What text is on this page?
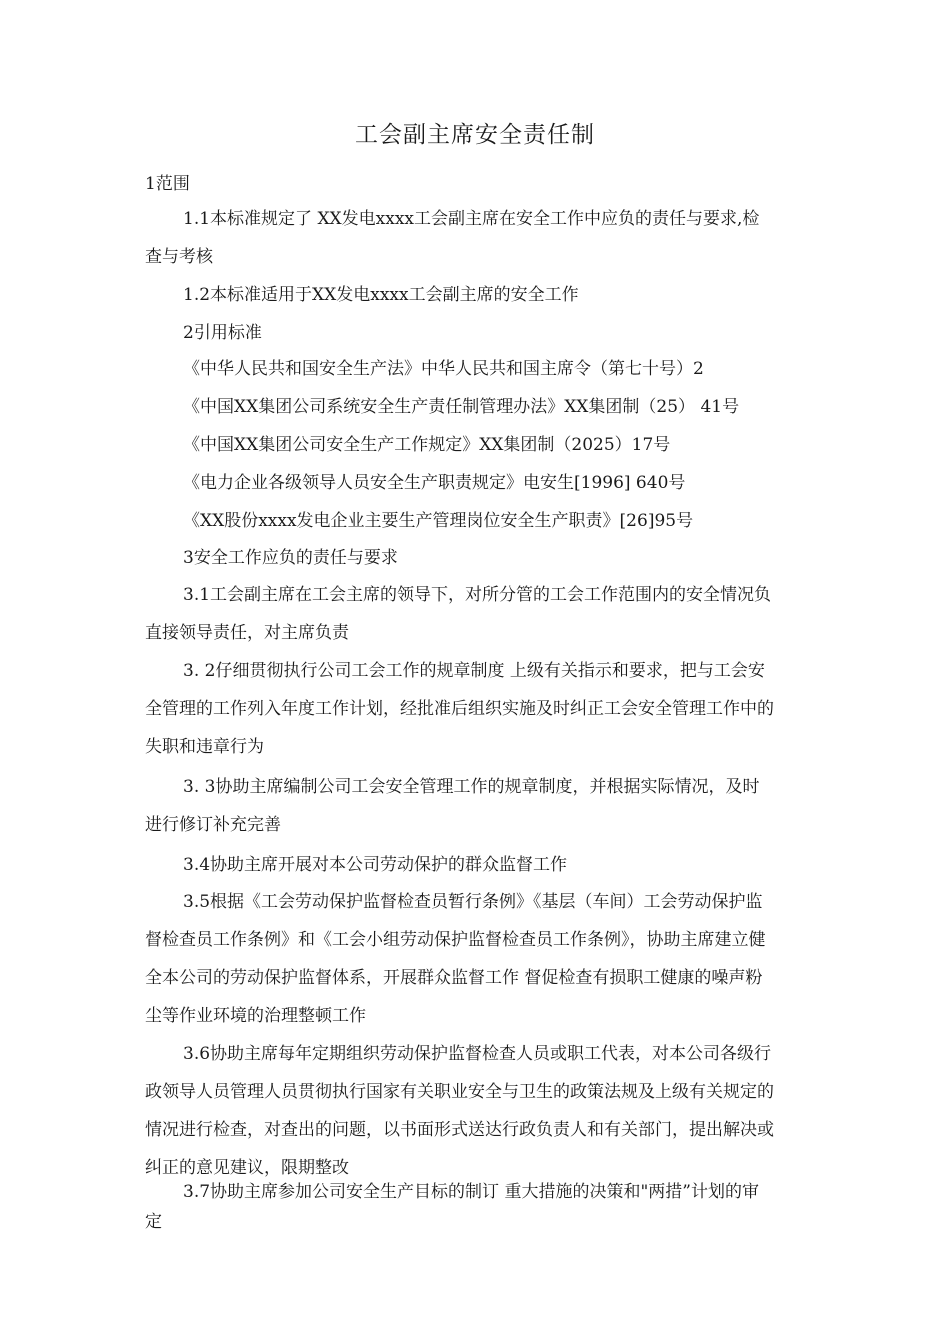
工会副主席安全责任制
1范围
1.1本标准规定了 XX发电xxxx工会副主席在安全工作中应负的责任与要求,检
查与考核
1.2本标准适用于XX发电xxxx工会副主席的安全工作
2引用标准
《中华人民共和国安全生产法》中华人民共和国主席令（第七十号）2
《中国XX集团公司系统安全生产责任制管理办法》XX集团制（25） 41号
《中国XX集团公司安全生产工作规定》XX集团制（2025）17号
《电力企业各级领导人员安全生产职责规定》电安生[1996] 640号
《XX股份xxxx发电企业主要生产管理岗位安全生产职责》[26]95号
3安全工作应负的责任与要求
3.1工会副主席在工会主席的领导下，对所分管的工会工作范围内的安全情况负
直接领导责任，对主席负责
3. 2仔细贯彻执行公司工会工作的规章制度 上级有关指示和要求，把与工会安
全管理的工作列入年度工作计划，经批准后组织实施及时纠正工会安全管理工作中的
失职和违章行为
3. 3协助主席编制公司工会安全管理工作的规章制度，并根据实际情况，及时
进行修订补充完善
3.4协助主席开展对本公司劳动保护的群众监督工作
3.5根据《工会劳动保护监督检查员暂行条例》《基层（车间）工会劳动保护监
督检查员工作条例》和《工会小组劳动保护监督检查员工作条例》，协助主席建立健
全本公司的劳动保护监督体系，开展群众监督工作 督促检查有损职工健康的噪声粉
尘等作业环境的治理整顿工作
3.6协助主席每年定期组织劳动保护监督检查人员或职工代表，对本公司各级行
政领导人员管理人员贯彻执行国家有关职业安全与卫生的政策法规及上级有关规定的
情况进行检查，对查出的问题，以书面形式送达行政负责人和有关部门，提出解决或
纠正的意见建议，限期整改
3.7协助主席参加公司安全生产目标的制订 重大措施的决策和"两措”计划的审
定
